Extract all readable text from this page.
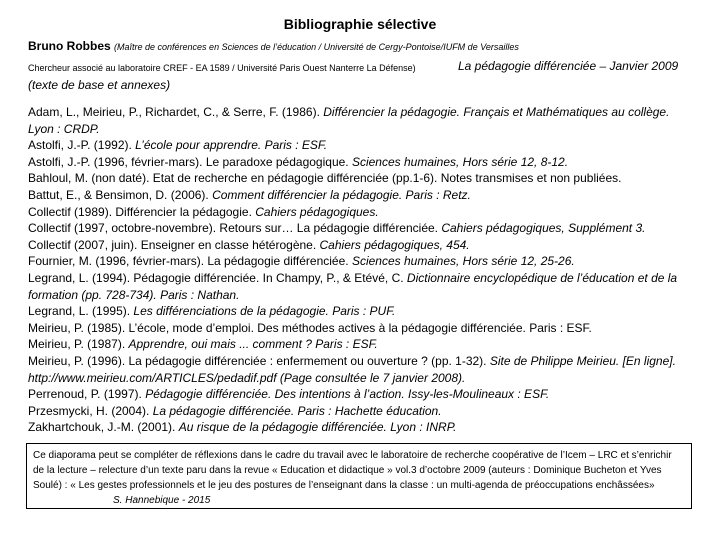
Bibliographie sélective
Bruno Robbes (Maître de conférences en Sciences de l’éducation / Université de Cergy-Pontoise/IUFM de Versailles
Chercheur associé au laboratoire CREF - EA 1589 / Université Paris Ouest Nanterre La Défense)	La pédagogie différenciée – Janvier 2009
(texte de base et annexes)

Adam, L., Meirieu, P., Richardet, C., & Serre, F. (1986). Différencier la pédagogie. Français et Mathématiques au collège. Lyon : CRDP.

Astolfi, J.-P. (1992). L’école pour apprendre. Paris : ESF.

Astolfi, J.-P. (1996, février-mars). Le paradoxe pédagogique. Sciences humaines, Hors série 12, 8-12.

Bahloul, M. (non daté). Etat de recherche en pédagogie différenciée (pp.1-6). Notes transmises et non publiées.

Battut, E., & Bensimon, D. (2006). Comment différencier la pédagogie. Paris : Retz.

Collectif (1989). Différencier la pédagogie. Cahiers pédagogiques.

Collectif (1997, octobre-novembre). Retours sur… La pédagogie différenciée. Cahiers pédagogiques, Supplément 3.

Collectif (2007, juin). Enseigner en classe hétérogène. Cahiers pédagogiques, 454.

Fournier, M. (1996, février-mars). La pédagogie différenciée. Sciences humaines, Hors série 12, 25-26.

Legrand, L. (1994). Pédagogie différenciée. In Champy, P., & Etévé, C. Dictionnaire encyclopédique de l’éducation et de la formation (pp. 728-734). Paris : Nathan.

Legrand, L. (1995). Les différenciations de la pédagogie. Paris : PUF.

Meirieu, P. (1985). L’école, mode d’emploi. Des méthodes actives à la pédagogie différenciée. Paris : ESF.

Meirieu, P. (1987). Apprendre, oui mais ... comment ? Paris : ESF.

Meirieu, P. (1996). La pédagogie différenciée : enfermement ou ouverture ? (pp. 1-32). Site de Philippe Meirieu. [En ligne]. http://www.meirieu.com/ARTICLES/pedadif.pdf (Page consultée le 7 janvier 2008).

Perrenoud, P. (1997). Pédagogie différenciée. Des intentions à l’action. Issy-les-Moulineaux : ESF.

Przesmycki, H. (2004). La pédagogie différenciée. Paris : Hachette éducation.

Zakhartchouk, J.-M. (2001). Au risque de la pédagogie différenciée. Lyon : INRP.

Ce diaporama peut se compléter de réflexions dans le cadre du travail avec le laboratoire de recherche coopérative de l’Icem – LRC et s’enrichir de la lecture – relecture d’un texte paru dans la revue « Education et didactique » vol.3 d’octobre 2009 (auteurs : Dominique Bucheton et Yves Soulé) : « Les gestes professionnels et le jeu des postures de l’enseignant dans la classe : un multi-agenda de préoccupations enchâssées» S. Hannebique - 2015
